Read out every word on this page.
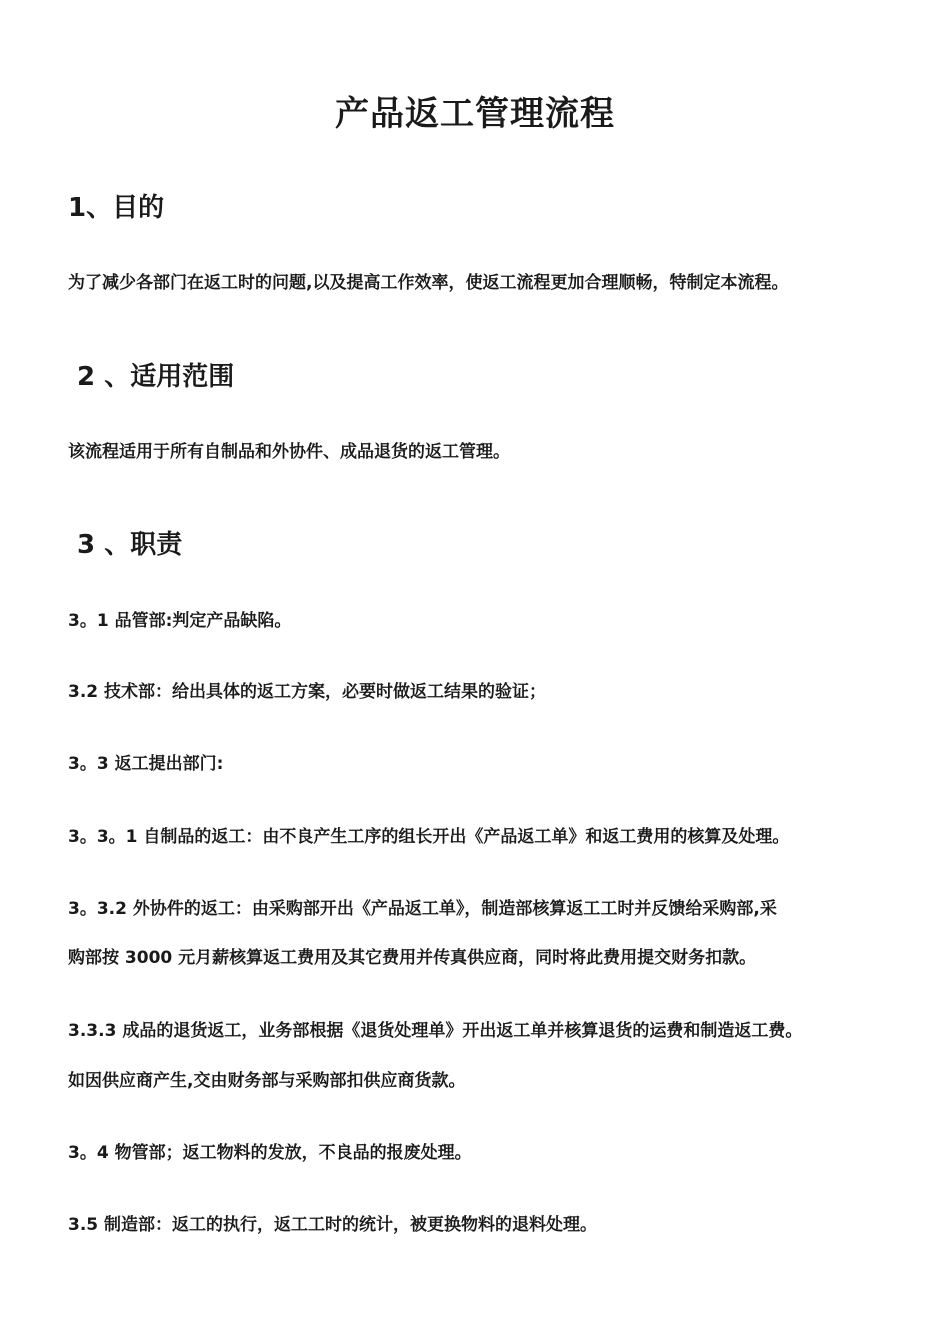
产品返工管理流程
1、目的

为了减少各部门在返工时的问题,以及提高工作效率，使返工流程更加合理顺畅，特制定本流程。

2 、适用范围

该流程适用于所有自制品和外协件、成品退货的返工管理。

3 、职责

3。1 品管部:判定产品缺陷。

3.2 技术部：给出具体的返工方案，必要时做返工结果的验证；

3。3 返工提出部门:

3。3。1 自制品的返工：由不良产生工序的组长开出《产品返工单》和返工费用的核算及处理。

3。3.2 外协件的返工：由采购部开出《产品返工单》，制造部核算返工工时并反馈给采购部,采

购部按 3000 元月薪核算返工费用及其它费用并传真供应商，同时将此费用提交财务扣款。

3.3.3 成品的退货返工，业务部根据《退货处理单》开出返工单并核算退货的运费和制造返工费。

如因供应商产生,交由财务部与采购部扣供应商货款。

3。4 物管部；返工物料的发放，不良品的报废处理。

3.5 制造部：返工的执行，返工工时的统计，被更换物料的退料处理。
